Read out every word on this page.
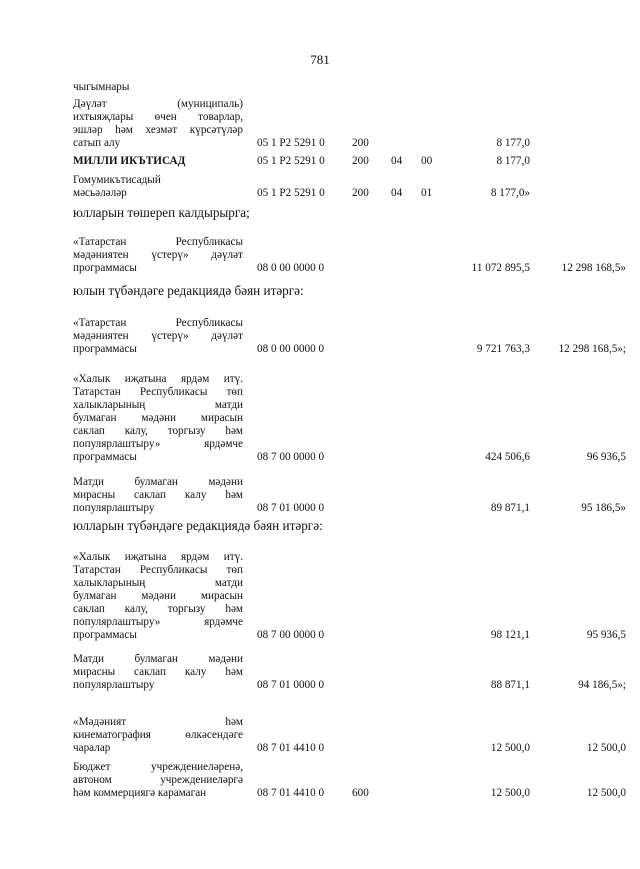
781
чыгымнары
Дәүләт (муниципаль)
ихтыяҗлары өчен товарлар,
эшләр һәм хезмәт күрсәтүләр
сатып алу	05 1 P2 5291 0 200	8 177,0
МИЛЛИ ИКЪТИСАД	05 1 P2 5291 0 200 04 00	8 177,0
Гомумикътисадый
мәсьәләләр	05 1 P2 5291 0 200 04 01	8 177,0»
«Татарстан Республикасы
мәдәниятен үстерү» дәүләт
программасы	08 0 00 0000 0	11 072 895,5	12 298 168,5»
«Татарстан Республикасы
мәдәниятен үстерү» дәүләт
программасы	08 0 00 0000 0	9 721 763,3	12 298 168,5»;
«Халык иҗатына ярдәм итү.
Татарстан Республикасы төп
халыкларының матди
булмаган мәдәни мирасын
саклап калу, торгызу һәм
популярлаштыру» ярдәмче
программасы	08 7 00 0000 0	424 506,6	96 936,5
Матди булмаган мәдәни
мирасны саклап калу һәм
популярлаштыру	08 7 01 0000 0	89 871,1	95 186,5»
«Халык иҗатына ярдәм итү.
Татарстан Республикасы төп
халыкларының матди
булмаган мәдәни мирасын
саклап калу, торгызу һәм
популярлаштыру» ярдәмче
программасы	08 7 00 0000 0	98 121,1	95 936,5
Матди булмаган мәдәни
мирасны саклап калу һәм
популярлаштыру	08 7 01 0000 0	88 871,1	94 186,5»;
«Мәдәният һәм
кинематография өлкәсендәге
чаралар	08 7 01 4410 0	12 500,0	12 500,0
Бюджет учреждениеләренә,
автоном учреждениеләргә
һәм коммерциягә карамаган	08 7 01 4410 0 600	12 500,0	12 500,0
юлларын төшереп калдырырга;
юлын түбәндәге редакциядә бәян итәргә:
юлларын түбәндәге редакциядә бәян итәргә:
